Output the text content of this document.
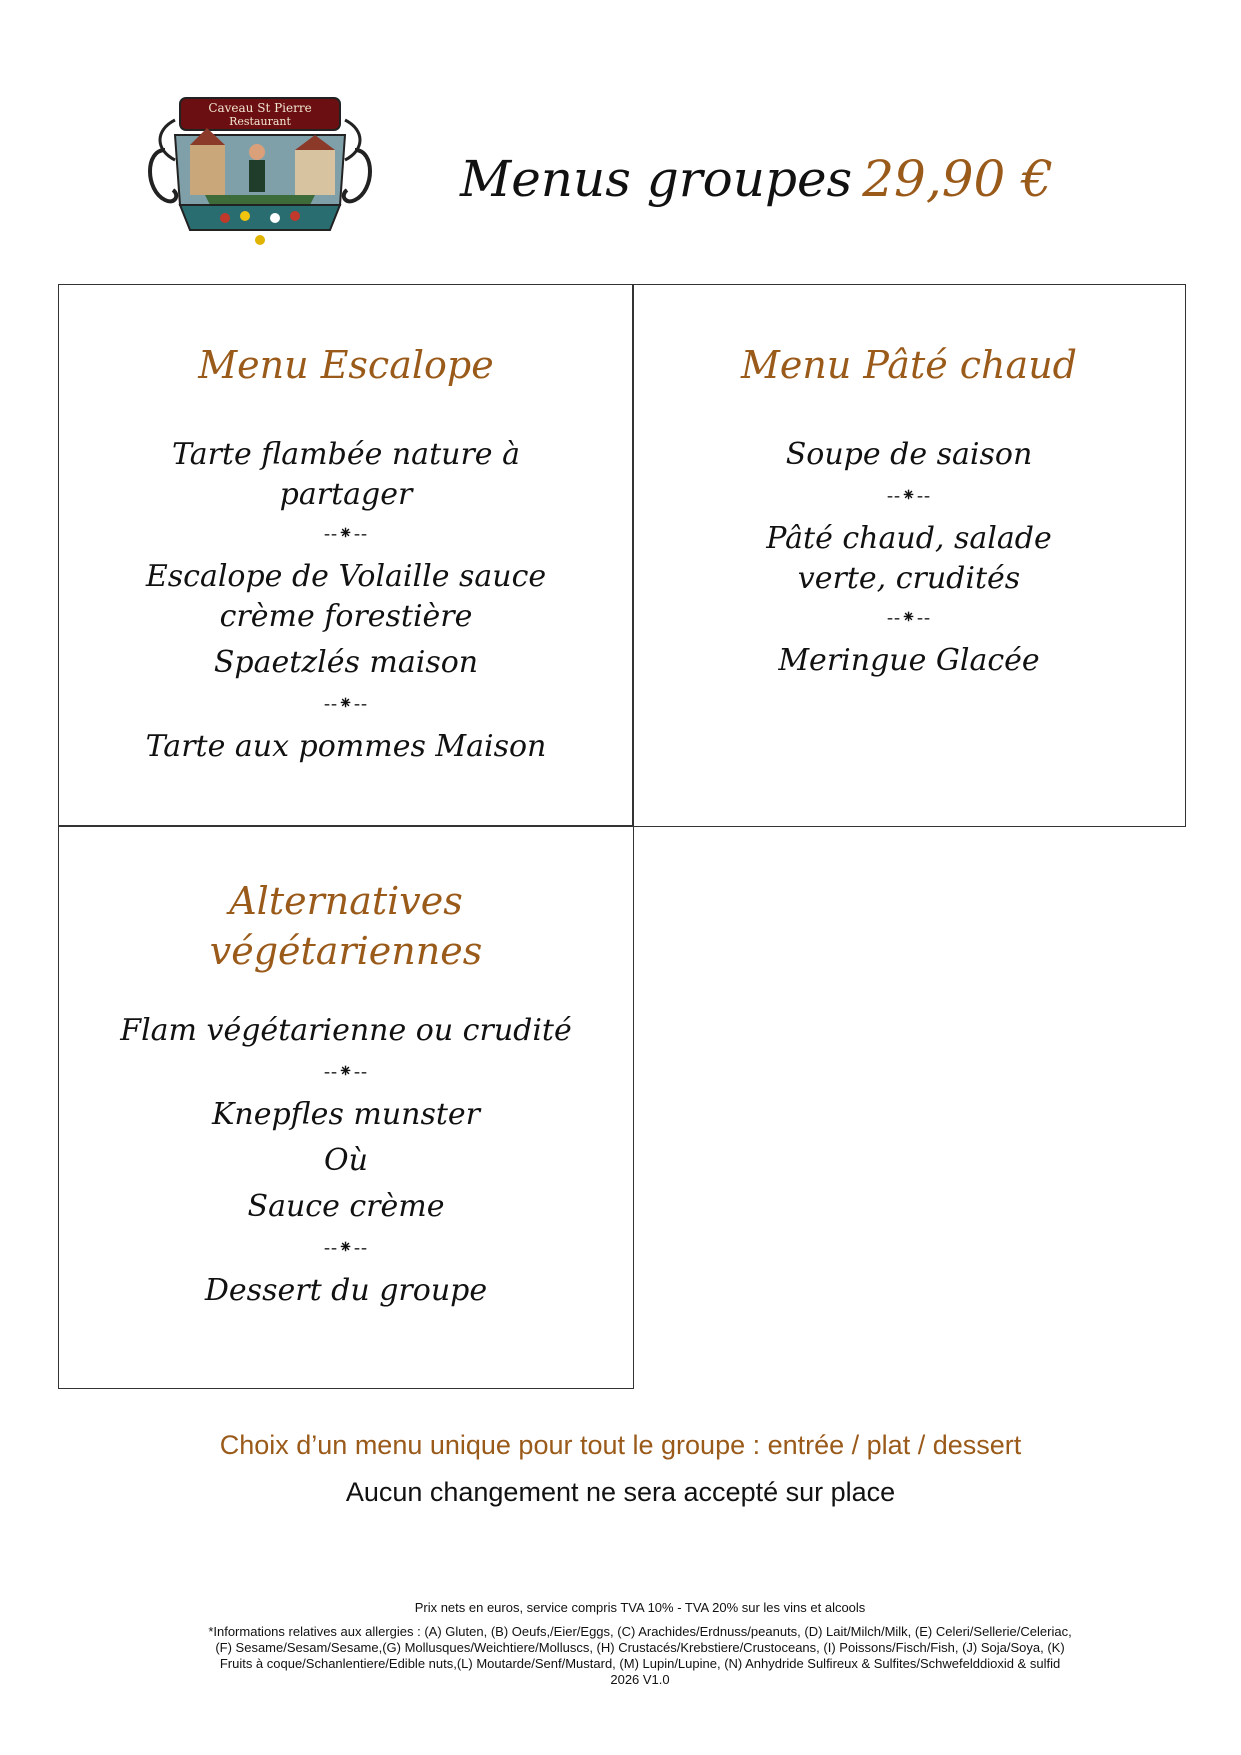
Caveau St Pierre
Restaurant
Menus groupes 29,90 €
Menu Escalope
Tarte flambée nature à partager
--⁕--
Escalope de Volaille sauce crème forestière
Spaetzlés maison
--⁕--
Tarte aux pommes Maison
Menu Pâté chaud
Soupe de saison
--⁕--
Pâté chaud, salade verte, crudités
--⁕--
Meringue Glacée
Alternatives végétariennes
Flam végétarienne ou crudité
--⁕--
Knepfles munster
Où
Sauce crème
--⁕--
Dessert du groupe
Choix d’un menu unique pour tout le groupe : entrée / plat / dessert
Aucun changement ne sera accepté sur place
Prix nets en euros, service compris TVA 10% - TVA 20% sur les vins et alcools
*Informations relatives aux allergies : (A) Gluten, (B) Oeufs,/Eier/Eggs, (C) Arachides/Erdnuss/peanuts, (D) Lait/Milch/Milk, (E) Celeri/Sellerie/Celeriac, (F) Sesame/Sesam/Sesame,(G) Mollusques/Weichtiere/Molluscs, (H) Crustacés/Krebstiere/Crustoceans, (I) Poissons/Fisch/Fish, (J) Soja/Soya, (K) Fruits à coque/Schanlentiere/Edible nuts,(L) Moutarde/Senf/Mustard, (M) Lupin/Lupine, (N) Anhydride Sulfireux & Sulfites/Schwefelddioxid & sulfid
2026 V1.0
